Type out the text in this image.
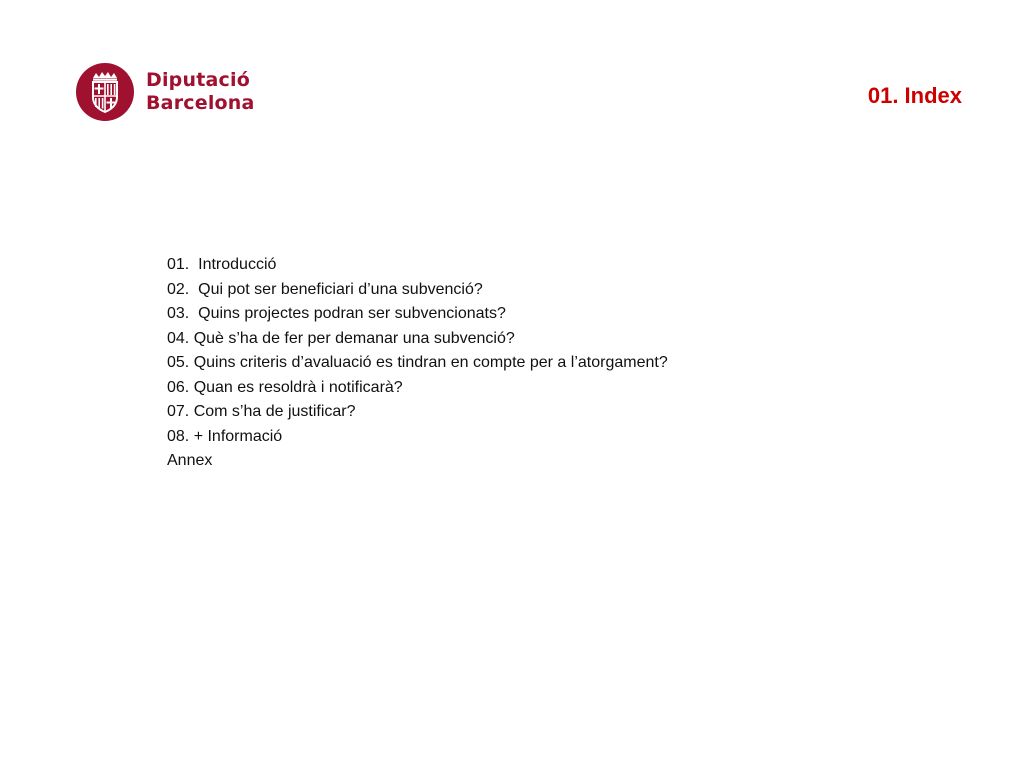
Diputació
Barcelona	01. Index
01.  Introducció
02.  Qui pot ser beneficiari d’una subvenció?
03.  Quins projectes podran ser subvencionats?
04. Què s’ha de fer per demanar una subvenció?
05. Quins criteris d’avaluació es tindran en compte per a l’atorgament?
06. Quan es resoldrà i notificarà?
07. Com s’ha de justificar?
08. + Informació
Annex
